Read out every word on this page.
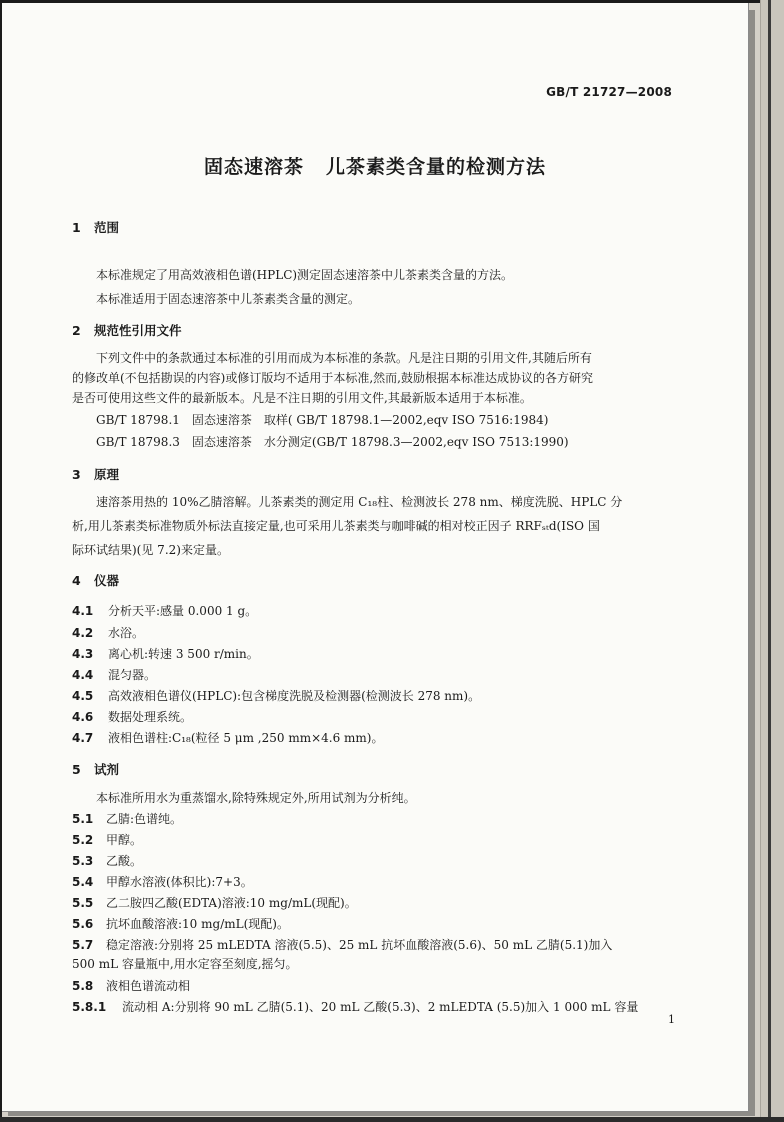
GB/T 21727—2008
固态速溶茶 儿茶素类含量的检测方法
1 范围
本标准规定了用高效液相色谱(HPLC)测定固态速溶茶中儿茶素类含量的方法。
本标准适用于固态速溶茶中儿茶素类含量的测定。
2 规范性引用文件
下列文件中的条款通过本标准的引用而成为本标准的条款。凡是注日期的引用文件,其随后所有
的修改单(不包括勘误的内容)或修订版均不适用于本标准,然而,鼓励根据本标准达成协议的各方研究
是否可使用这些文件的最新版本。凡是不注日期的引用文件,其最新版本适用于本标准。
GB/T 18798.1　固态速溶茶　取样( GB/T 18798.1—2002,eqv ISO 7516:1984)
GB/T 18798.3　固态速溶茶　水分测定(GB/T 18798.3—2002,eqv ISO 7513:1990)
3 原理
速溶茶用热的 10%乙腈溶解。儿茶素类的测定用 C₁₈柱、检测波长 278 nm、梯度洗脱、HPLC 分
析,用儿茶素类标准物质外标法直接定量,也可采用儿茶素类与咖啡碱的相对校正因子 RRFₛₜd(ISO 国
际环试结果)(见 7.2)来定量。
4 仪器
4.1 分析天平:感量 0.000 1 g。
4.2 水浴。
4.3 离心机:转速 3 500 r/min。
4.4 混匀器。
4.5 高效液相色谱仪(HPLC):包含梯度洗脱及检测器(检测波长 278 nm)。
4.6 数据处理系统。
4.7 液相色谱柱:C₁₈(粒径 5 μm ,250 mm×4.6 mm)。
5 试剂
本标准所用水为重蒸馏水,除特殊规定外,所用试剂为分析纯。
5.1 乙腈:色谱纯。
5.2 甲醇。
5.3 乙酸。
5.4 甲醇水溶液(体积比):7+3。
5.5 乙二胺四乙酸(EDTA)溶液:10 mg/mL(现配)。
5.6 抗坏血酸溶液:10 mg/mL(现配)。
5.7 稳定溶液:分别将 25 mLEDTA 溶液(5.5)、25 mL 抗坏血酸溶液(5.6)、50 mL 乙腈(5.1)加入
500 mL 容量瓶中,用水定容至刻度,摇匀。
5.8 液相色谱流动相
5.8.1 流动相 A:分别将 90 mL 乙腈(5.1)、20 mL 乙酸(5.3)、2 mLEDTA (5.5)加入 1 000 mL 容量
1
